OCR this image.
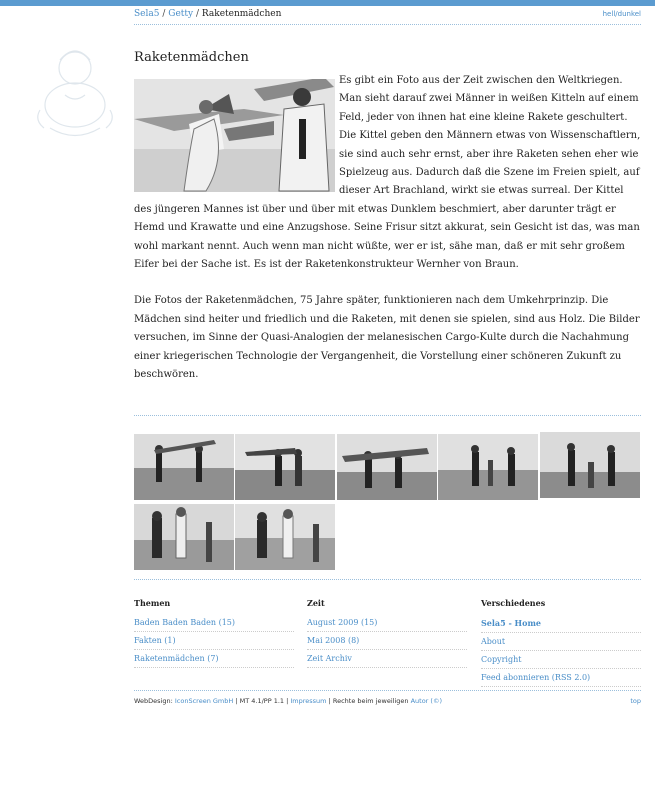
Sela5 / Getty / Raketenmädchen	hell/dunkel
Raketenmädchen

Es gibt ein Foto aus der Zeit zwischen den Weltkriegen. Man sieht darauf zwei Männer in weißen Kitteln auf einem Feld, jeder von ihnen hat eine kleine Rakete geschultert. Die Kittel geben den Männern etwas von Wissenschaftlern, sie sind auch sehr ernst, aber ihre Raketen sehen eher wie Spielzeug aus. Dadurch daß die Szene im Freien spielt, auf dieser Art Brachland, wirkt sie etwas surreal. Der Kittel des jüngeren Mannes ist über und über mit etwas Dunklem beschmiert, aber darunter trägt er Hemd und Krawatte und eine Anzugshose. Seine Frisur sitzt akkurat, sein Gesicht ist das, was man wohl markant nennt. Auch wenn man nicht wüßte, wer er ist, sähe man, daß er mit sehr großem Eifer bei der Sache ist. Es ist der Raketenkonstrukteur Wernher von Braun.

Die Fotos der Raketenmädchen, 75 Jahre später, funktionieren nach dem Umkehrprinzip. Die Mädchen sind heiter und friedlich und die Raketen, mit denen sie spielen, sind aus Holz. Die Bilder versuchen, im Sinne der Quasi-Analogien der melanesischen Cargo-Kulte durch die Nachahmung einer kriegerischen Technologie der Vergangenheit, die Vorstellung einer schöneren Zukunft zu beschwören.

Themen
Baden Baden Baden (15)
Fakten (1)
Raketenmädchen (7)
Zeit
August 2009 (15)
Mai 2008 (8)
Zeit Archiv
Verschiedenes
Sela5 - Home
About
Copyright
Feed abonnieren (RSS 2.0)
WebDesign: IconScreen GmbH | MT 4.1/PP 1.1 | Impressum | Rechte beim jeweiligen Autor (©)	top
